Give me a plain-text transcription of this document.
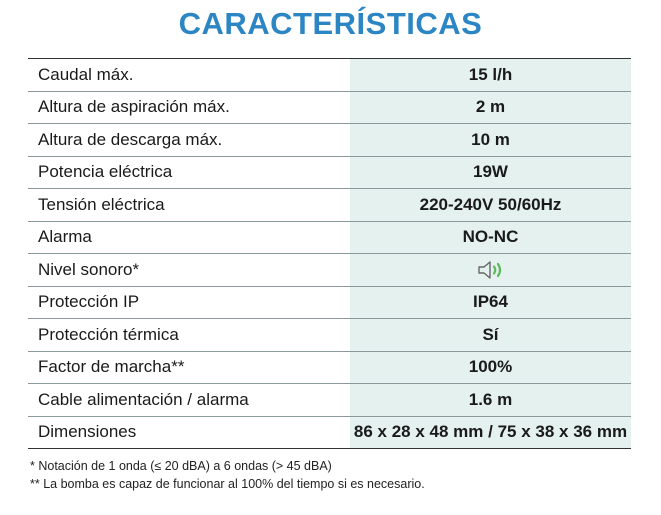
CARACTERÍSTICAS
Caudal máx.	15 l/h
Altura de aspiración máx.	2 m
Altura de descarga máx.	10 m
Potencia eléctrica	19W
Tensión eléctrica	220-240V 50/60Hz
Alarma	NO-NC
Nivel sonoro*	
Protección IP	IP64
Protección térmica	Sí
Factor de marcha**	100%
Cable alimentación / alarma	1.6 m
Dimensiones	86 x 28 x 48 mm / 75 x 38 x 36 mm
* Notación de 1 onda (≤ 20 dBA) a 6 ondas (> 45 dBA)
** La bomba es capaz de funcionar al 100% del tiempo si es necesario.
